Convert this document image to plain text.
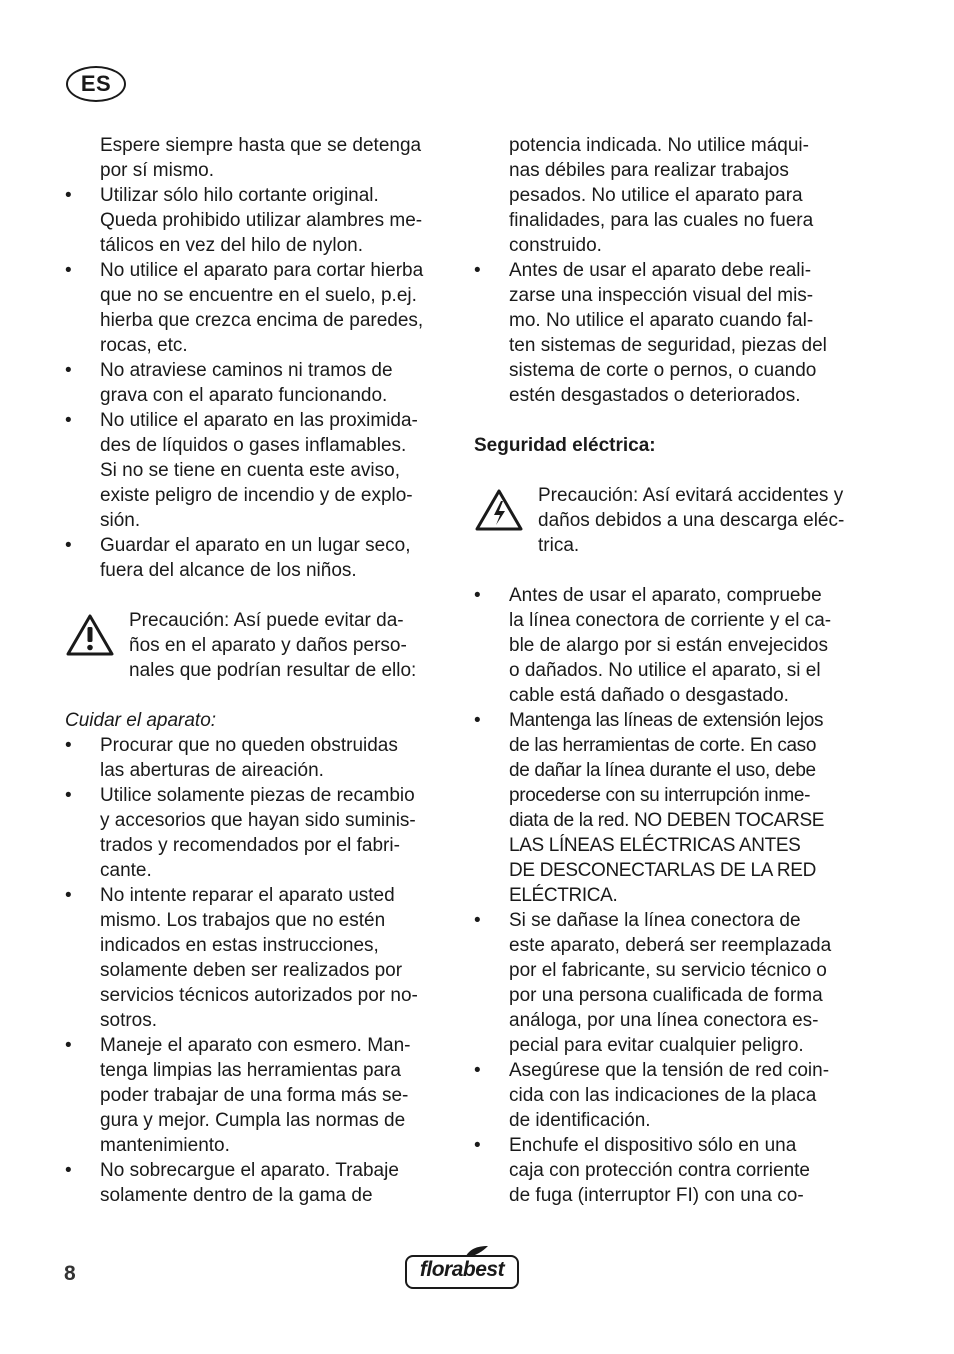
ES
Espere siempre hasta que se detenga
por sí mismo.
• Utilizar sólo hilo cortante original.
Queda prohibido utilizar alambres me-
tálicos en vez del hilo de nylon.
• No utilice el aparato para cortar hierba
que no se encuentre en el suelo, p.ej.
hierba que crezca encima de paredes,
rocas, etc.
• No atraviese caminos ni tramos de
grava con el aparato funcionando.
• No utilice el aparato en las proximida-
des de líquidos o gases inflamables.
Si no se tiene en cuenta este aviso,
existe peligro de incendio y de explo-
sión.
• Guardar el aparato en un lugar seco,
fuera del alcance de los niños.
Precaución: Así puede evitar da-
ños en el aparato y daños perso-
nales que podrían resultar de ello:
Cuidar el aparato:
• Procurar que no queden obstruidas
las aberturas de aireación.
• Utilice solamente piezas de recambio
y accesorios que hayan sido suminis-
trados y recomendados por el fabri-
cante.
• No intente reparar el aparato usted
mismo. Los trabajos que no estén
indicados en estas instrucciones,
solamente deben ser realizados por
servicios técnicos autorizados por no-
sotros.
• Maneje el aparato con esmero. Man-
tenga limpias las herramientas para
poder trabajar de una forma más se-
gura y mejor. Cumpla las normas de
mantenimiento.
• No sobrecargue el aparato. Trabaje
solamente dentro de la gama de
potencia indicada. No utilice máqui-
nas débiles para realizar trabajos
pesados. No utilice el aparato para
finalidades, para las cuales no fuera
construido.
• Antes de usar el aparato debe reali-
zarse una inspección visual del mis-
mo. No utilice el aparato cuando fal-
ten sistemas de seguridad, piezas del
sistema de corte o pernos, o cuando
estén desgastados o deteriorados.
Seguridad eléctrica:
Precaución: Así evitará accidentes y
daños debidos a una descarga eléc-
trica.
• Antes de usar el aparato, compruebe
la línea conectora de corriente y el ca-
ble de alargo por si están envejecidos
o dañados. No utilice el aparato, si el
cable está dañado o desgastado.
• Mantenga las líneas de extensión lejos
de las herramientas de corte. En caso
de dañar la línea durante el uso, debe
procederse con su interrupción inme-
diata de la red. NO DEBEN TOCARSE
LAS LÍNEAS ELÉCTRICAS ANTES
DE DESCONECTARLAS DE LA RED
ELÉCTRICA.
• Si se dañase la línea conectora de
este aparato, deberá ser reemplazada
por el fabricante, su servicio técnico o
por una persona cualificada de forma
análoga, por una línea conectora es-
pecial para evitar cualquier peligro.
• Asegúrese que la tensión de red coin-
cida con las indicaciones de la placa
de identificación.
• Enchufe el dispositivo sólo en una
caja con protección contra corriente
de fuga (interruptor FI) con una co-
8	florabest
